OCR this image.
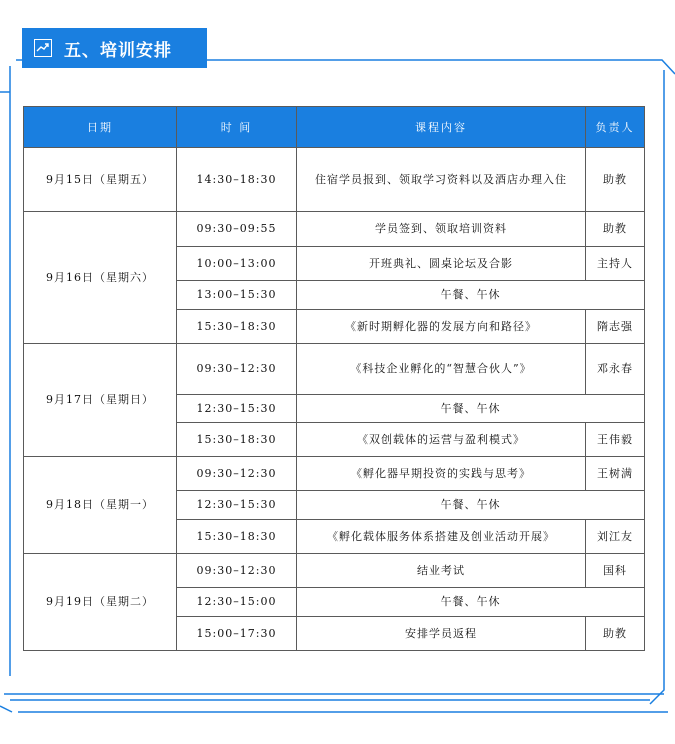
五、培训安排
日期	时 间	课程内容	负责人
9月15日（星期五）	14:30–18:30	住宿学员报到、领取学习资料以及酒店办理入住	助教
9月16日（星期六）	09:30–09:55	学员签到、领取培训资料	助教
	10:00–13:00	开班典礼、圆桌论坛及合影	主持人
	13:00–15:30	午餐、午休	
	15:30–18:30	《新时期孵化器的发展方向和路径》	隋志强
9月17日（星期日）	09:30–12:30	《科技企业孵化的“智慧合伙人”》	邓永春
	12:30–15:30	午餐、午休	
	15:30–18:30	《双创载体的运营与盈利模式》	王伟毅
9月18日（星期一）	09:30–12:30	《孵化器早期投资的实践与思考》	王树满
	12:30–15:30	午餐、午休	
	15:30–18:30	《孵化载体服务体系搭建及创业活动开展》	刘江友
9月19日（星期二）	09:30–12:30	结业考试	国科
	12:30–15:00	午餐、午休	
	15:00–17:30	安排学员返程	助教
